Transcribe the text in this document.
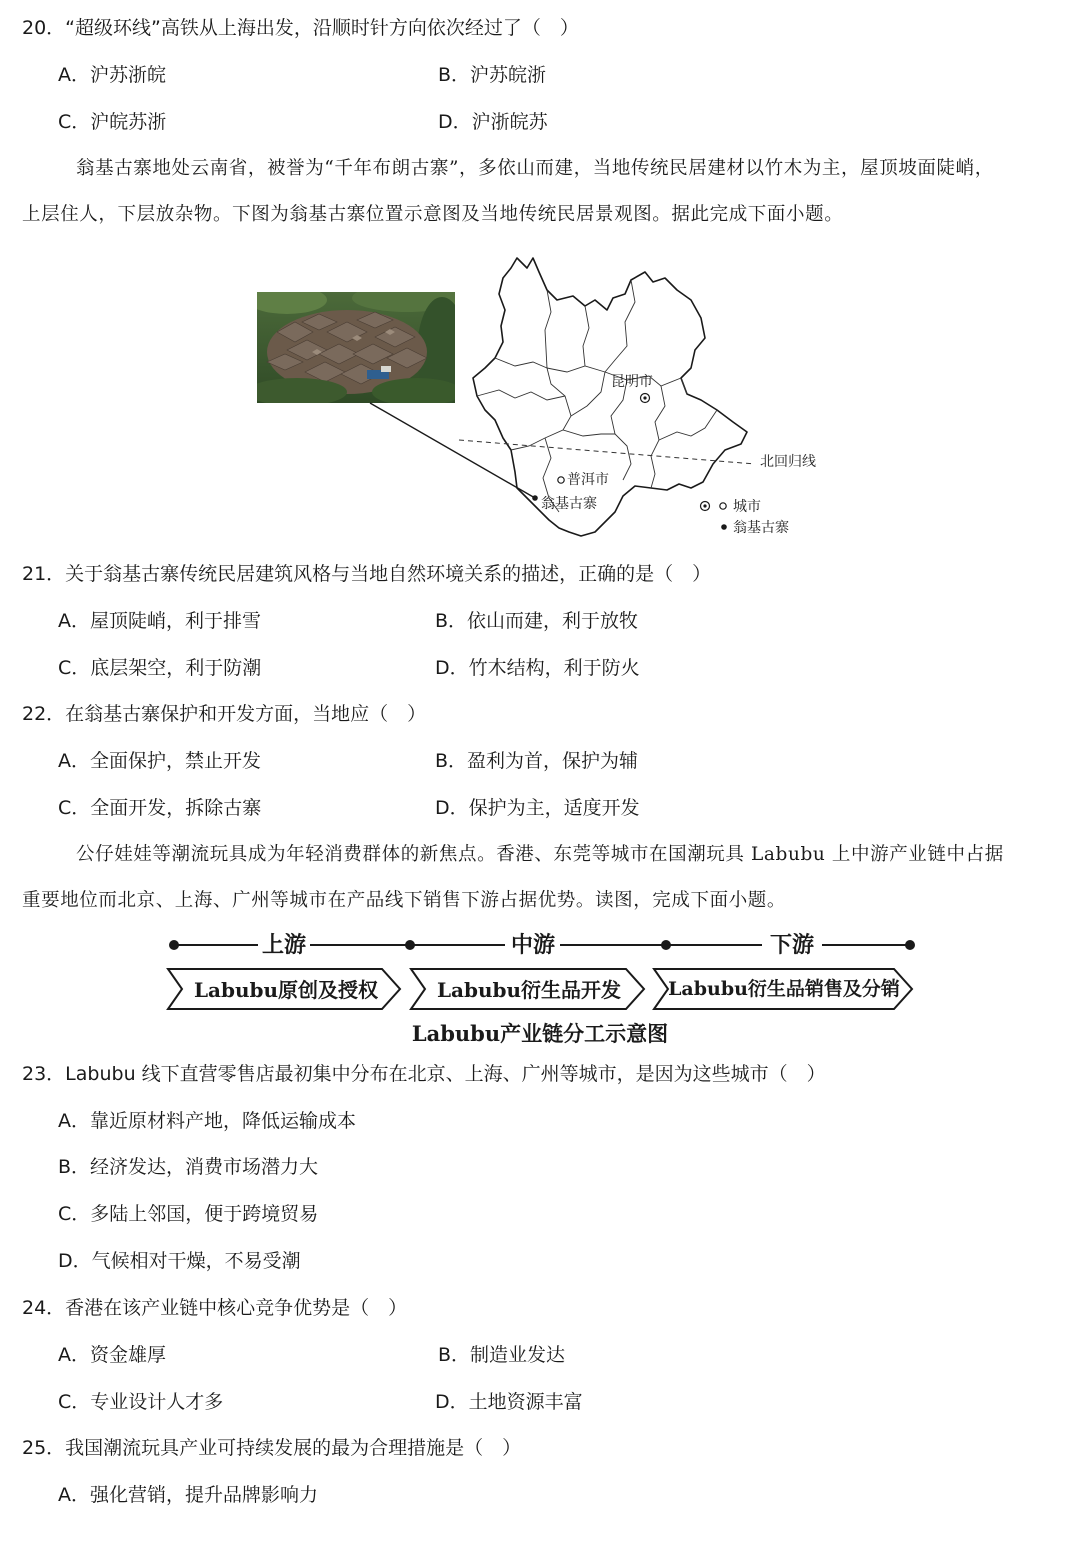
20．“超级环线”高铁从上海出发，沿顺时针方向依次经过了（　）
A．沪苏浙皖	B．沪苏皖浙
C．沪皖苏浙	D．沪浙皖苏
翁基古寨地处云南省，被誉为“千年布朗古寨”，多依山而建，当地传统民居建材以竹木为主，屋顶坡面陡峭，
上层住人，下层放杂物。下图为翁基古寨位置示意图及当地传统民居景观图。据此完成下面小题。
北回归线
昆明市
普洱市
翁基古寨	城市
翁基古寨
21．关于翁基古寨传统民居建筑风格与当地自然环境关系的描述，正确的是（　）
A．屋顶陡峭，利于排雪	B．依山而建，利于放牧
C．底层架空，利于防潮	D．竹木结构，利于防火
22．在翁基古寨保护和开发方面，当地应（　）
A．全面保护，禁止开发	B．盈利为首，保护为辅
C．全面开发，拆除古寨	D．保护为主，适度开发
公仔娃娃等潮流玩具成为年轻消费群体的新焦点。香港、东莞等城市在国潮玩具 Labubu 上中游产业链中占据
重要地位而北京、上海、广州等城市在产品线下销售下游占据优势。读图，完成下面小题。
上游	中游	下游
Labubu原创及授权	Labubu衍生品开发 Labubu衍生品销售及分销
Labubu产业链分工示意图
23．Labubu 线下直营零售店最初集中分布在北京、上海、广州等城市，是因为这些城市（　）
A．靠近原材料产地，降低运输成本
B．经济发达，消费市场潜力大
C．多陆上邻国，便于跨境贸易
D．气候相对干燥，不易受潮
24．香港在该产业链中核心竞争优势是（　）
A．资金雄厚	B．制造业发达
C．专业设计人才多	D．土地资源丰富
25．我国潮流玩具产业可持续发展的最为合理措施是（　）
A．强化营销，提升品牌影响力
